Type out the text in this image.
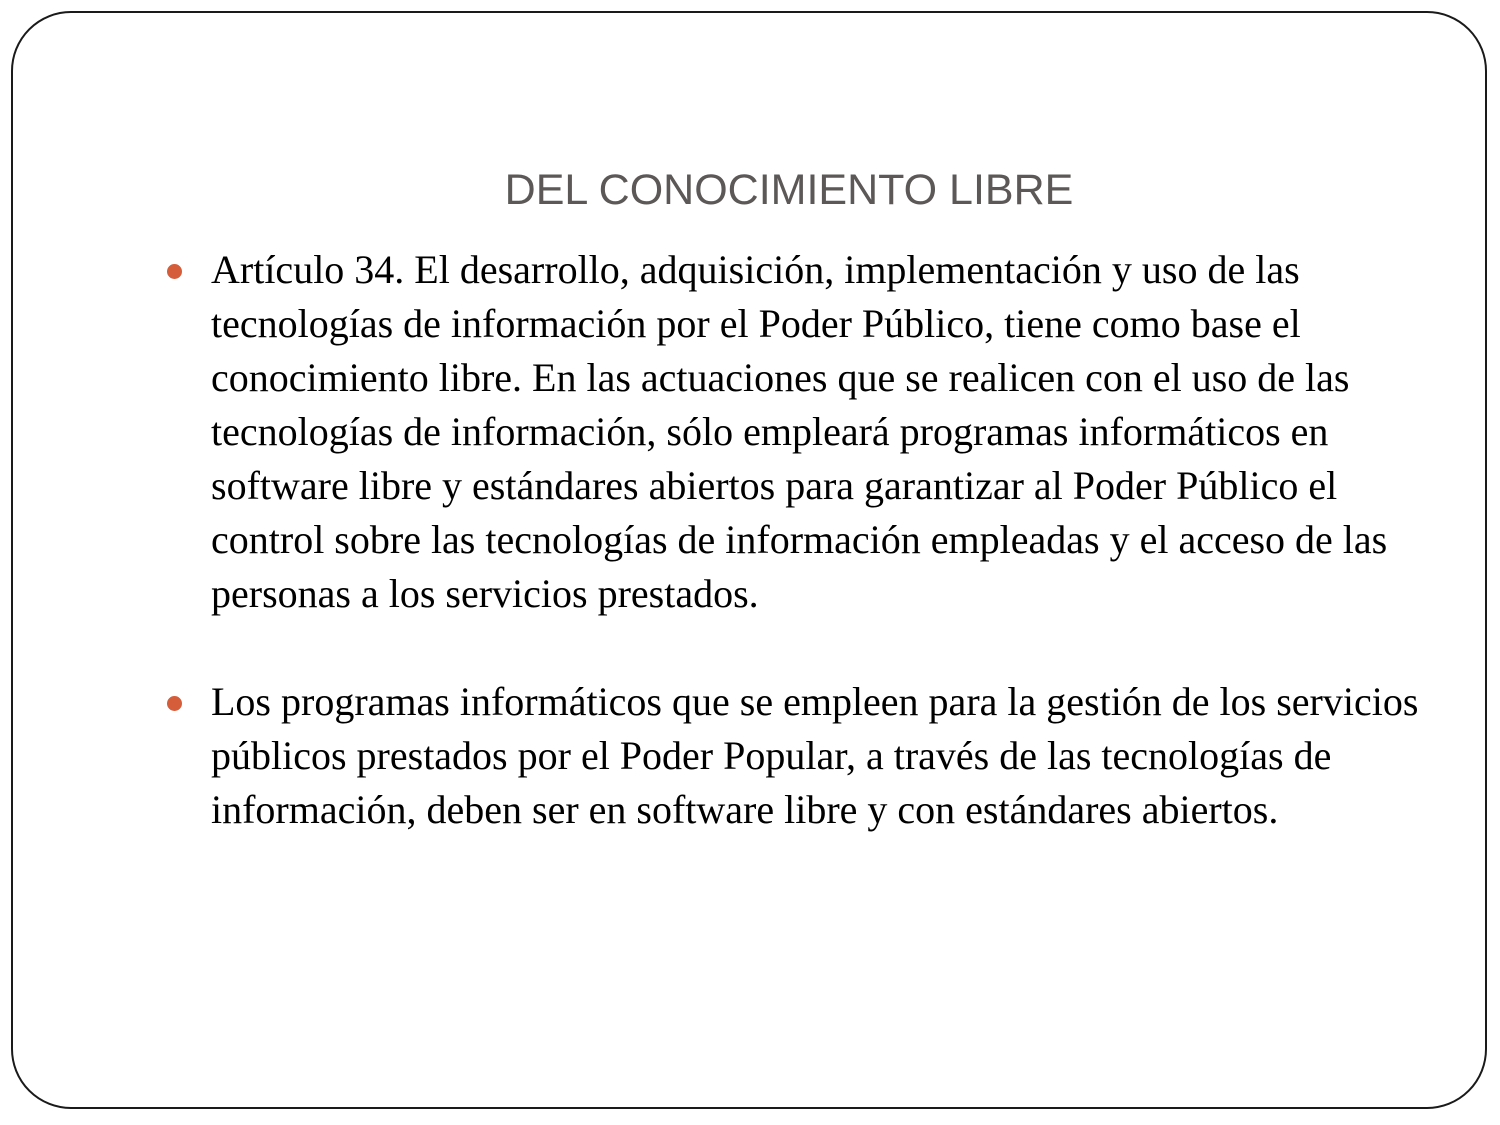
DEL CONOCIMIENTO LIBRE
Artículo 34. El desarrollo, adquisición, implementación y uso de las tecnologías de información por el Poder Público, tiene como base el conocimiento libre. En las actuaciones que se realicen con el uso de las tecnologías de información, sólo empleará programas informáticos en software libre y estándares abiertos para garantizar al Poder Público el control sobre las tecnologías de información empleadas y el acceso de las personas a los servicios prestados.
Los programas informáticos que se empleen para la gestión de los servicios públicos prestados por el Poder Popular, a través de las tecnologías de información, deben ser en software libre y con estándares abiertos.
